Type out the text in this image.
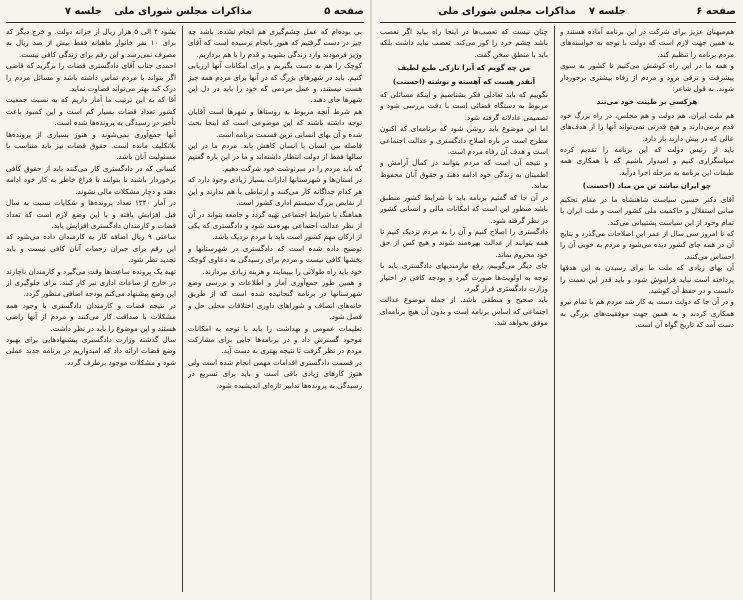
صفحه ۵
مذاکرات مجلس شورای ملی
جلسه ۷

بشود ۴ الی ۵ هزار ریال از خزانه دولت. و خرج دیگر که برای ۱۰ نفر خانوار ماهیانه فقط بیش از صد ریال به مصرف نمی‌رسد و این رقم برای زندگی کافی نیست.

احمدی جناب آقای دادگستری قضات را برگزید که قاضی اگر بتواند با مردم تماس داشته باشد و مسائل مردم را درک کند بهتر می‌تواند قضاوت نماید.

آقا که به این ترتیب ما آمار داریم که به نسبت جمعیت کشور تعداد قضات بسیار کم است و این کمبود باعث تأخیر در رسیدگی به پرونده‌ها شده است.

آنها جمع‌آوری نمی‌شوند و هنوز بسیاری از پرونده‌ها بلاتکلیف مانده است. حقوق قضات نیز باید متناسب با مسئولیت آنان باشد.

کسانی که در دادگستری کار می‌کنند باید از حقوق کافی برخوردار باشند تا بتوانند با فراغ خاطر به کار خود ادامه دهند و دچار مشکلات مالی نشوند.

در آمار ۱۳۴۰ تعداد پرونده‌ها و شکایات نسبت به سال قبل افزایش یافته و با این وضع لازم است که تعداد قضات و کارمندان دادگستری افزایش یابد.

ساعتی ۹ ریال اضافه کار به کارمندان داده می‌شود که این رقم برای جبران زحمات آنان کافی نیست و باید تجدید نظر شود.

تهیه یک پرونده ساعت‌ها وقت می‌گیرد و کارمندان ناچارند در خارج از ساعات اداری نیز کار کنند. برای جلوگیری از این وضع پیشنهاد می‌کنم بودجه اضافی منظور گردد.

در نتیجه قضات و کارمندان دادگستری با وجود همه مشکلات با صداقت کار می‌کنند و مردم از آنها راضی هستند و این موضوع را باید در نظر داشت.

سال گذشته وزارت دادگستری پیشنهادهایی برای بهبود وضع قضات ارائه داد که امیدواریم در برنامه جدید عملی شود و مشکلات موجود برطرف گردد.

بی بوده‌ام که عمل چشم‌گیری هم انجام نشده. باشد چه چیز در دست گرفتیم که هنوز بانجام نرسیده است که آقای وزیر فرمودند وارد زندگی بشوید و قدم را با هم برداریم.

کوچک را هم به دست بگیریم و برای امکانات آنها ارزیابی کنیم. باید در شهرهای بزرگ که در آنها برای مردم همه چیز هست نیستند، و عمل مردمی که خود را باید در دل این شهرها جای دهند.

هم شرط آنچه مربوط به روستاها و شهرها است آقایان توجه داشته باشند که این موضوعی است که اینجا بحث شده و آن بهای انسانی ترین قسمت برنامه است.

فاصله بین انسان با انسان کاهش یابد. مردم ما در این سالها فقط از دولت انتظار داشته‌اند و ما در این باره گفتیم که باید مردم را در سرنوشت خود شرکت دهیم.

در استان‌ها و شهرستانها ادارات بسیار زیادی وجود دارد که هر کدام جداگانه کار می‌کنند و ارتباطی با هم ندارند و این از نقایص بزرگ سیستم اداری کشور است.

هماهنگ با شرایط اجتماعی تهیه گردد و جامعه بتواند در آن از نظر عدالت اجتماعی بهره‌مند شود و دادگستری که یکی از ارکان مهم کشور است باید با مردم نزدیک باشد.

توضیح داده شده است که دادگستری در شهرستانها و بخشها کافی نیست و مردم برای رسیدگی به دعاوی کوچک خود باید راه طولانی را بپیمایند و هزینه زیادی بپردازند.

و همین طور جمع‌آوری آمار و اطلاعات و بررسی وضع شهرستانها در برنامه گنجانیده شده است که از طریق خانه‌های انصاف و شوراهای داوری اختلافات محلی حل و فصل شود.

تعلیمات عمومی و بهداشت را باید با توجه به امکانات موجود گسترش داد و در برنامه‌ها جایی برای مشارکت مردم در نظر گرفت تا نتیجه بهتری به دست آید.

در قسمت دادگستری اقدامات مهمی انجام شده است ولی هنوز کارهای زیادی باقی است و باید برای تسریع در رسیدگی به پرونده‌ها تدابیر تازه‌ای اندیشیده شود.

صفحه ۶
مذاکرات مجلس شورای ملی جلسه ۷

چنان نیست که تعصب‌ها در اینجا راه بیابد اگر تعصب باشد چشم خرد را کور می‌کند. تعصب نباید داشت بلکه باید با منطق سخن گفت.

من چه گویم که آنرا نازکی طبع لطیف

آنقدر هست که آهسته و نوشته (احسنت)

نگوییم که باید تعادلی فکر بشناسیم و اینکه مسائلی که مربوط به دستگاه قضائی است با دقت بررسی شود و تصمیمی عادلانه گرفته شود.

اما این موضوع باید روشن شود که برنامه‌ای که اکنون مطرح است در باره اصلاح دادگستری و عدالت اجتماعی است و هدف آن رفاه مردم است.

و نتیجه آن است که مردم بتوانند در کمال آرامش و اطمینان به زندگی خود ادامه دهند و حقوق آنان محفوظ بماند.

در آن جا که گفتیم برنامه باید با شرایط کشور منطبق باشد منظور این است که امکانات مالی و انسانی کشور در نظر گرفته شود.

دادگستری را اصلاح کنیم و آن را به مردم نزدیک کنیم تا همه بتوانند از عدالت بهره‌مند شوند و هیچ کس از حق خود محروم نماند.

جای دیگر می‌گوییم، رفع نیازمندیهای دادگستری باید با توجه به اولویت‌ها صورت گیرد و بودجه کافی در اختیار وزارت دادگستری قرار گیرد.

باید صحیح و منطقی باشد. از جمله موضوع عدالت اجتماعی که اساس برنامه است و بدون آن هیچ برنامه‌ای موفق نخواهد شد.

هم‌میهنان عزیز برای شرکت در این برنامه آماده هستند و به همین جهت لازم است که دولت با توجه به خواسته‌های مردم برنامه را تنظیم کند.

و همه ما در این راه کوشش می‌کنیم تا کشور به سوی پیشرفت و ترقی برود و مردم از رفاه بیشتری برخوردار شوند. به قول شاعر:

هرکسی بر طینت خود می‌تند

هم ملت ایران، هم دولت و هم مجلس، در راه بزرگ خود قدم برمی‌دارند و هیچ قدرتی نمی‌تواند آنها را از هدف‌های عالی که در پیش دارند باز دارد.

باید از رئیس دولت که این برنامه را تقدیم کرده سپاسگزاری کنیم و امیدوار باشیم که با همکاری همه طبقات این برنامه به مرحله اجرا درآید.

چو ایران نباشد تن من مباد (احسنت)

آقای دکتر حسین سیاست شاهنشاه ما در مقام تحکیم مبانی استقلال و حاکمیت ملی کشور است و ملت ایران با تمام وجود از این سیاست پشتیبانی می‌کند.

که تا امروز سی سال از عمر این اصلاحات می‌گذرد و نتایج آن در همه جای کشور دیده می‌شود و مردم به خوبی آن را احساس می‌کنند.

آن بهای زیادی که ملت ما برای رسیدن به این هدفها پرداخته است نباید فراموش شود و باید قدر این نعمت را دانست و در حفظ آن کوشید.

و در آن جا که دولت دست به کار شد مردم هم با تمام نیرو همکاری کردند و به همین جهت موفقیت‌های بزرگی به دست آمد که تاریخ گواه آن است.
